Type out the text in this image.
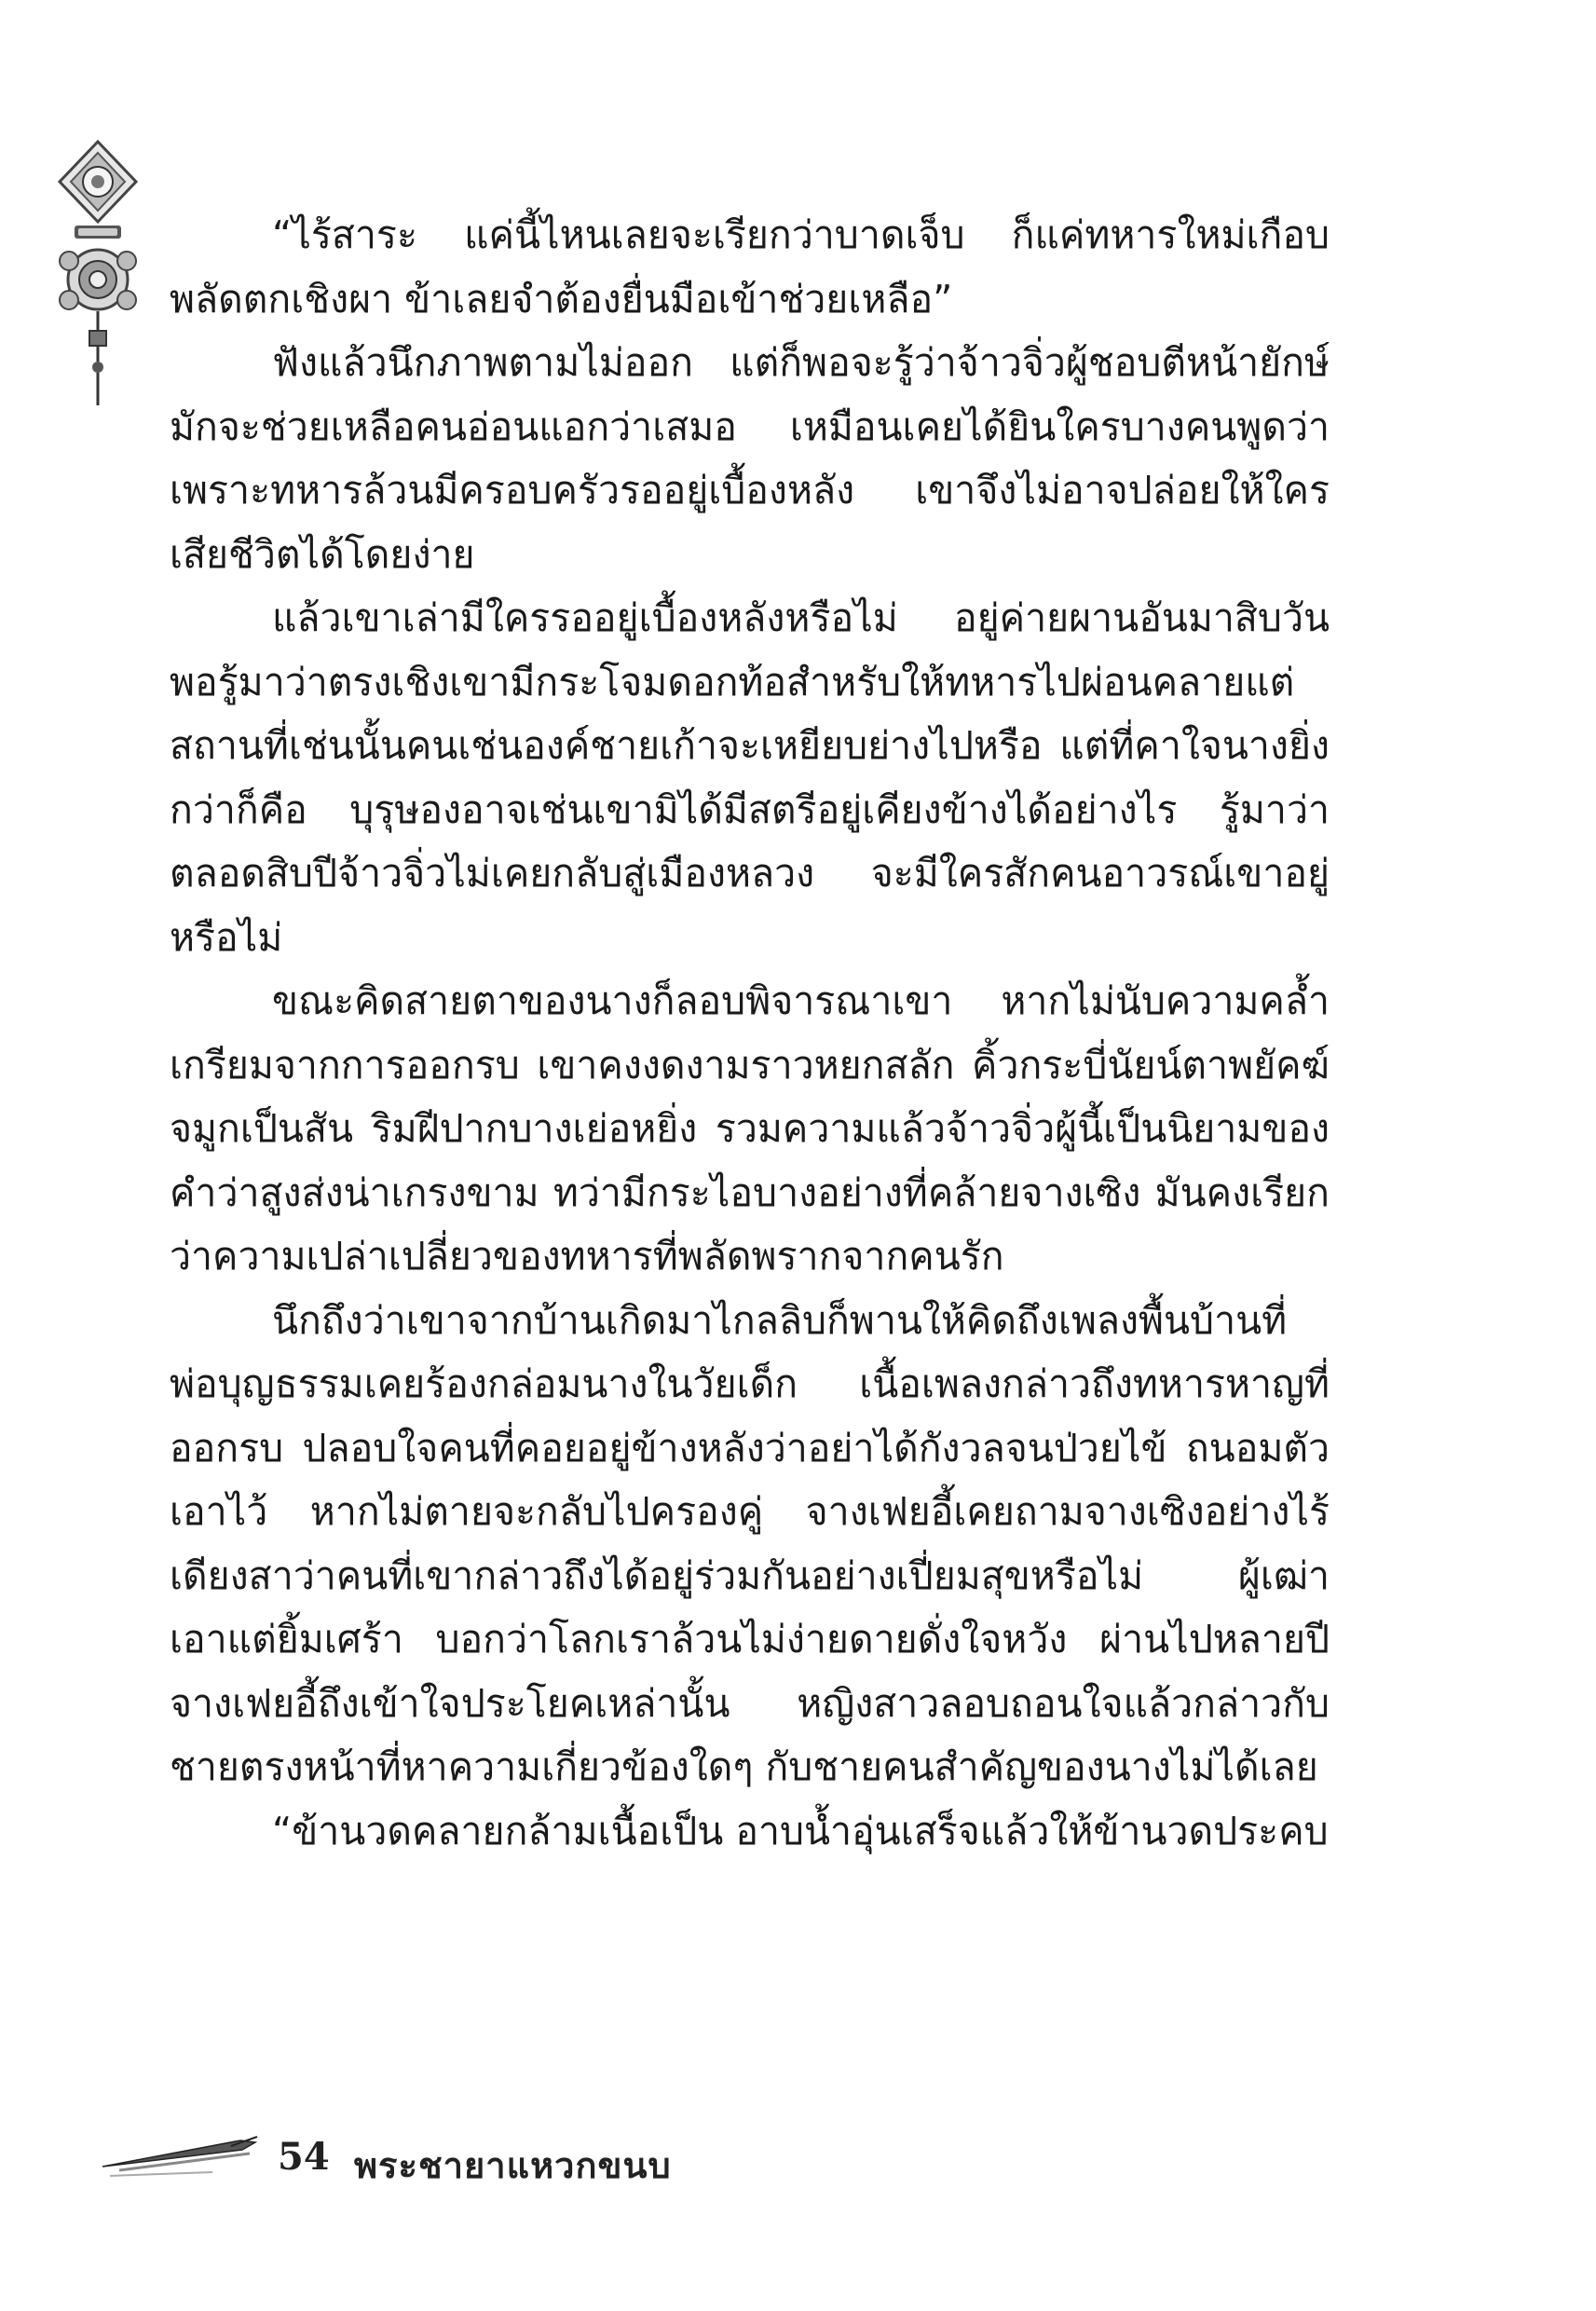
“ไร้สาระ แค่นี้ไหนเลยจะเรียกว่าบาดเจ็บ ก็แค่ทหารใหม่เกือบพลัดตกเชิงผา ข้าเลยจำต้องยื่นมือเข้าช่วยเหลือ”

ฟังแล้วนึกภาพตามไม่ออก แต่ก็พอจะรู้ว่าจ้าวจิ่วผู้ชอบตีหน้ายักษ์มักจะช่วยเหลือคนอ่อนแอกว่าเสมอ เหมือนเคยได้ยินใครบางคนพูดว่าเพราะทหารล้วนมีครอบครัวรออยู่เบื้องหลัง เขาจึงไม่อาจปล่อยให้ใครเสียชีวิตได้โดยง่าย

แล้วเขาเล่ามีใครรออยู่เบื้องหลังหรือไม่ อยู่ค่ายผานอันมาสิบวันพอรู้มาว่าตรงเชิงเขามีกระโจมดอกท้อสำหรับให้ทหารไปผ่อนคลายแต่สถานที่เช่นนั้นคนเช่นองค์ชายเก้าจะเหยียบย่างไปหรือ แต่ที่คาใจนางยิ่งกว่าก็คือ บุรุษองอาจเช่นเขามิได้มีสตรีอยู่เคียงข้างได้อย่างไร รู้มาว่าตลอดสิบปีจ้าวจิ่วไม่เคยกลับสู่เมืองหลวง จะมีใครสักคนอาวรณ์เขาอยู่หรือไม่

ขณะคิดสายตาของนางก็ลอบพิจารณาเขา หากไม่นับความคล้ำเกรียมจากการออกรบ เขาคงงดงามราวหยกสลัก คิ้วกระบี่นัยน์ตาพยัคฆ์จมูกเป็นสัน ริมฝีปากบางเย่อหยิ่ง รวมความแล้วจ้าวจิ่วผู้นี้เป็นนิยามของคำว่าสูงส่งน่าเกรงขาม ทว่ามีกระไอบางอย่างที่คล้ายจางเซิง มันคงเรียกว่าความเปล่าเปลี่ยวของทหารที่พลัดพรากจากคนรัก

นึกถึงว่าเขาจากบ้านเกิดมาไกลลิบก็พานให้คิดถึงเพลงพื้นบ้านที่พ่อบุญธรรมเคยร้องกล่อมนางในวัยเด็ก เนื้อเพลงกล่าวถึงทหารหาญที่ออกรบ ปลอบใจคนที่คอยอยู่ข้างหลังว่าอย่าได้กังวลจนป่วยไข้ ถนอมตัวเอาไว้ หากไม่ตายจะกลับไปครองคู่ จางเฟยอี้เคยถามจางเซิงอย่างไร้เดียงสาว่าคนที่เขากล่าวถึงได้อยู่ร่วมกันอย่างเปี่ยมสุขหรือไม่ ผู้เฒ่าเอาแต่ยิ้มเศร้า บอกว่าโลกเราล้วนไม่ง่ายดายดั่งใจหวัง ผ่านไปหลายปีจางเฟยอี้ถึงเข้าใจประโยคเหล่านั้น หญิงสาวลอบถอนใจแล้วกล่าวกับชายตรงหน้าที่หาความเกี่ยวข้องใดๆ กับชายคนสำคัญของนางไม่ได้เลย

“ข้านวดคลายกล้ามเนื้อเป็น อาบน้ำอุ่นเสร็จแล้วให้ข้านวดประคบ

54 พระชายาแหวกขนบ
